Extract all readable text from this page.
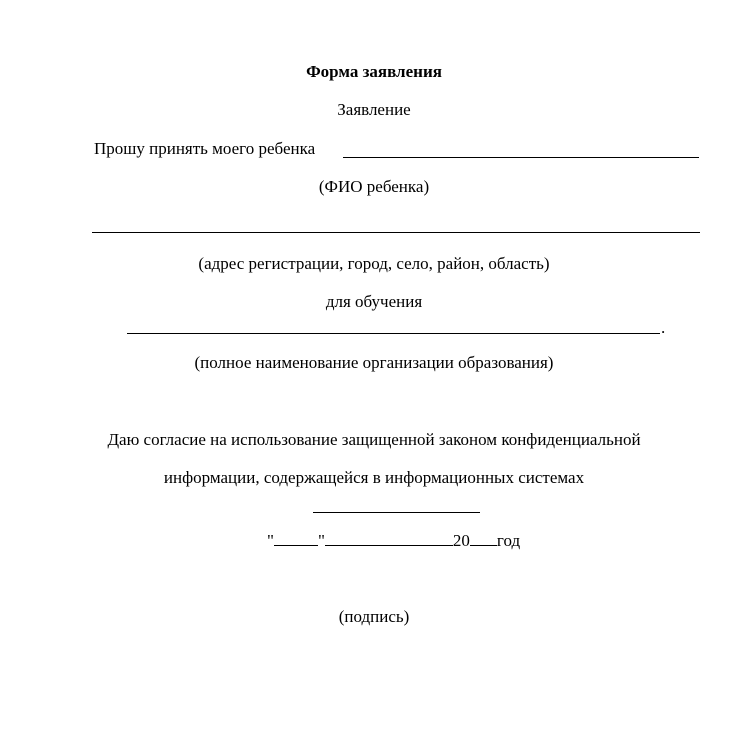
Форма заявления
Заявление
Прошу принять моего ребенка
(ФИО ребенка)
(адрес регистрации, город, село, район, область)
для обучения
.
(полное наименование организации образования)
Даю согласие на использование защищенной законом конфиденциальной
информации, содержащейся в информационных системах
"	"	20 год
(подпись)
